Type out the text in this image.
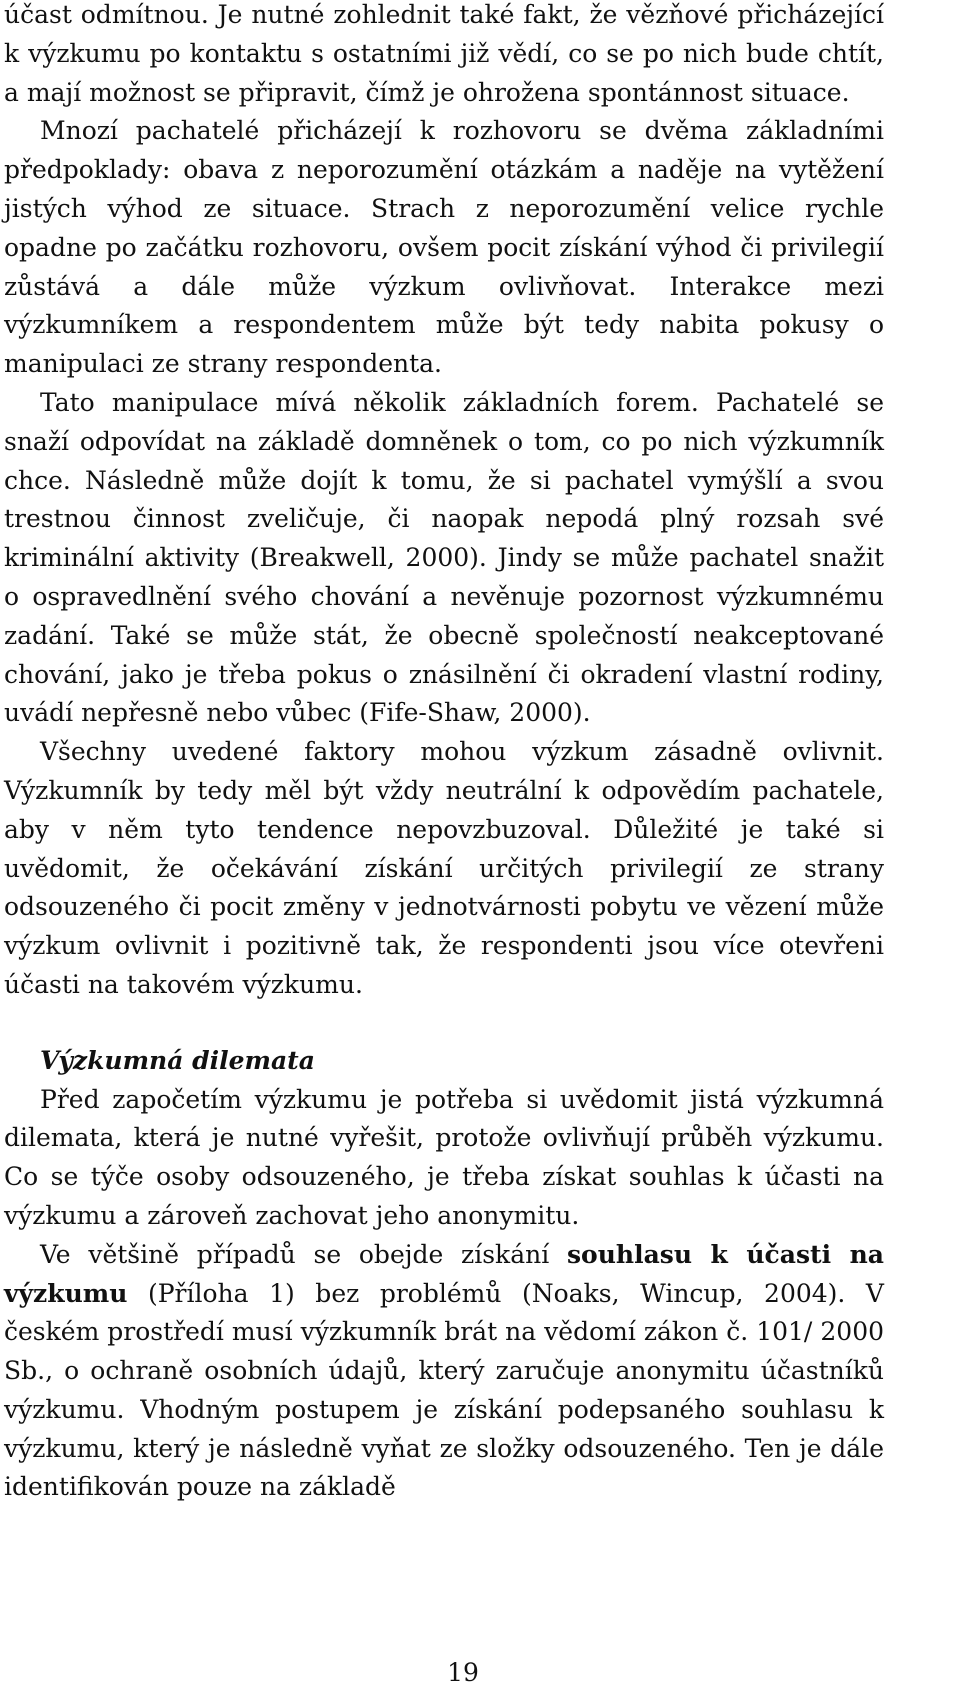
účast odmítnou. Je nutné zohlednit také fakt, že vězňové přicházející k výzkumu po kontaktu s ostatními již vědí, co se po nich bude chtít, a mají možnost se připravit, čímž je ohrožena spontánnost situace.

Mnozí pachatelé přicházejí k rozhovoru se dvěma základními předpoklady: obava z neporozumění otázkám a naděje na vytěžení jistých výhod ze situace. Strach z neporozumění velice rychle opadne po začátku rozhovoru, ovšem pocit získání výhod či privilegií zůstává a dále může výzkum ovlivňovat. Interakce mezi výzkumníkem a respondentem může být tedy nabita pokusy o manipulaci ze strany respondenta.

Tato manipulace mívá několik základních forem. Pachatelé se snaží odpovídat na základě domněnek o tom, co po nich výzkumník chce. Následně může dojít k tomu, že si pachatel vymýšlí a svou trestnou činnost zveličuje, či naopak nepodá plný rozsah své kriminální aktivity (Breakwell, 2000). Jindy se může pachatel snažit o ospravedlnění svého chování a nevěnuje pozornost výzkumnému zadání. Také se může stát, že obecně společností neakceptované chování, jako je třeba pokus o znásilnění či okradení vlastní rodiny, uvádí nepřesně nebo vůbec (Fife-Shaw, 2000).

Všechny uvedené faktory mohou výzkum zásadně ovlivnit. Výzkumník by tedy měl být vždy neutrální k odpovědím pachatele, aby v něm tyto tendence nepovzbuzoval. Důležité je také si uvědomit, že očekávání získání určitých privilegií ze strany odsouzeného či pocit změny v jednotvárnosti pobytu ve vězení může výzkum ovlivnit i pozitivně tak, že respondenti jsou více otevřeni účasti na takovém výzkumu.

Výzkumná dilemata

Před započetím výzkumu je potřeba si uvědomit jistá výzkumná dilemata, která je nutné vyřešit, protože ovlivňují průběh výzkumu. Co se týče osoby odsouzeného, je třeba získat souhlas k účasti na výzkumu a zároveň zachovat jeho anonymitu.

Ve většině případů se obejde získání souhlasu k účasti na výzkumu (Příloha 1) bez problémů (Noaks, Wincup, 2004). V českém prostředí musí výzkumník brát na vědomí zákon č. 101/ 2000 Sb., o ochraně osobních údajů, který zaručuje anonymitu účastníků výzkumu. Vhodným postupem je získání podepsaného souhlasu k výzkumu, který je následně vyňat ze složky odsouzeného. Ten je dále identifikován pouze na základě

19
